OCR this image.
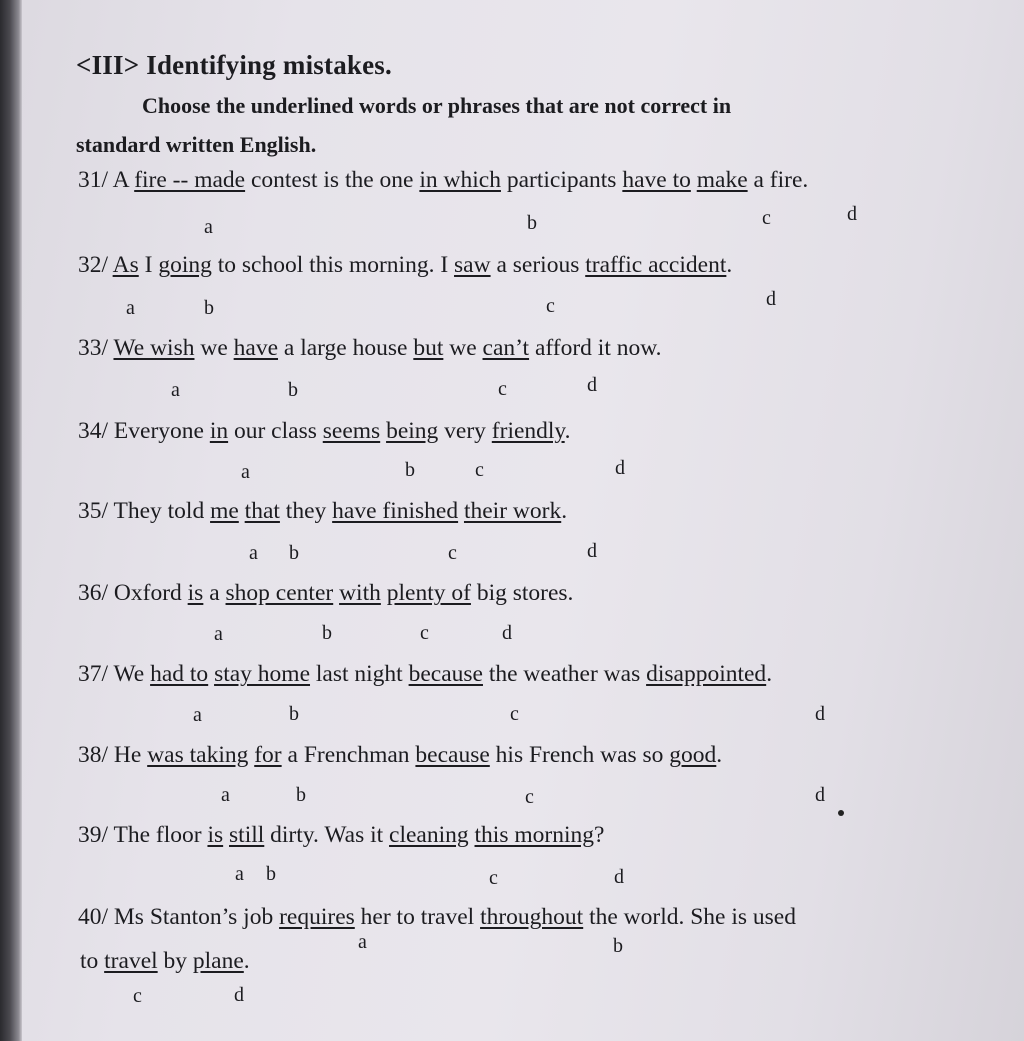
<III> Identifying mistakes.
Choose the underlined words or phrases that are not correct in
standard written English.
31/ A fire -- made contest is the one in which participants have to make a fire.
a	b	c	d
32/ As I going to school this morning. I saw a serious traffic accident.
a	b	c	d
33/ We wish we have a large house but we can’t afford it now.
a	b	c	d
34/ Everyone in our class seems being very friendly.
a	b	c	d
35/ They told me that they have finished their work.
a b	c	d
36/ Oxford is a shop center with plenty of big stores.
a	b	c	d
37/ We had to stay home last night because the weather was disappointed.
a	b	c	d
38/ He was taking for a Frenchman because his French was so good.
a	b	c	d
39/ The floor is still dirty. Was it cleaning this morning?
a b	c	d
40/ Ms Stanton’s job requires her to travel throughout the world. She is used
a	b
to travel by plane.
c	d
